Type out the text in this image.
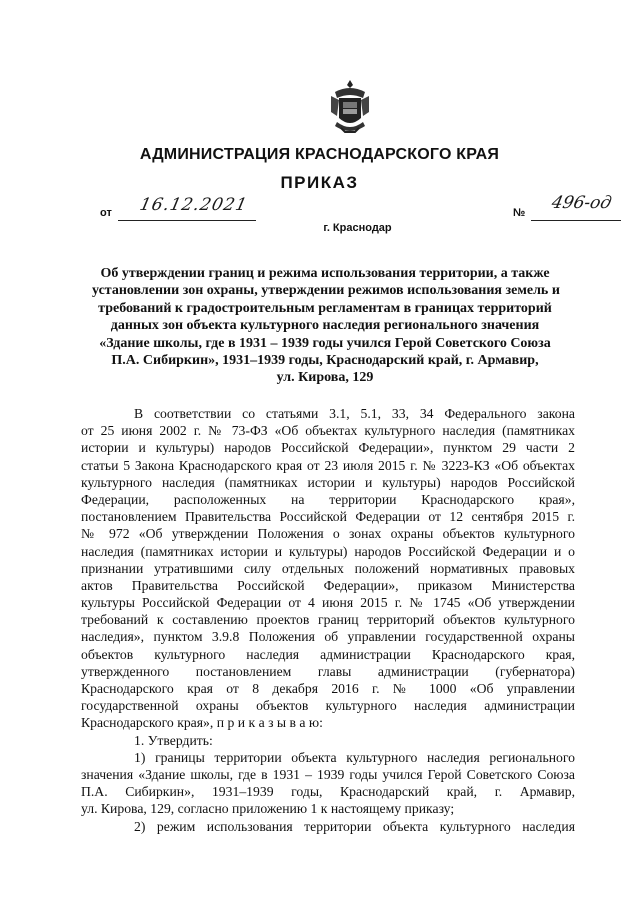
АДМИНИСТРАЦИЯ КРАСНОДАРСКОГО КРАЯ
ПРИКАЗ
от 16.12.2021	№ 496-од
г. Краснодар
Об утверждении границ и режима использования территории, а также
установлении зон охраны, утверждении режимов использования земель и
требований к градостроительным регламентам в границах территорий
данных зон объекта культурного наследия регионального значения
«Здание школы, где в 1931 – 1939 годы учился Герой Советского Союза
П.А. Сибиркин», 1931–1939 годы, Краснодарский край, г. Армавир,
ул. Кирова, 129
В соответствии со статьями 3.1, 5.1, 33, 34 Федерального закона
от 25 июня 2002 г. № 73-ФЗ «Об объектах культурного наследия (памятниках
истории и культуры) народов Российской Федерации», пунктом 29 части 2
статьи 5 Закона Краснодарского края от 23 июля 2015 г. № 3223-КЗ «Об объектах
культурного наследия (памятниках истории и культуры) народов Российской
Федерации, расположенных на территории Краснодарского края»,
постановлением Правительства Российской Федерации от 12 сентября 2015 г.
№ 972 «Об утверждении Положения о зонах охраны объектов культурного
наследия (памятниках истории и культуры) народов Российской Федерации и о
признании утратившими силу отдельных положений нормативных правовых
актов Правительства Российской Федерации», приказом Министерства
культуры Российской Федерации от 4 июня 2015 г. № 1745 «Об утверждении
требований к составлению проектов границ территорий объектов культурного
наследия», пунктом 3.9.8 Положения об управлении государственной охраны
объектов культурного наследия администрации Краснодарского края,
утвержденного постановлением главы администрации (губернатора)
Краснодарского края от 8 декабря 2016 г. № 1000 «Об управлении
государственной охраны объектов культурного наследия администрации
Краснодарского края», п р и к а з ы в а ю:
1. Утвердить:
1) границы территории объекта культурного наследия регионального
значения «Здание школы, где в 1931 – 1939 годы учился Герой Советского Союза
П.А. Сибиркин», 1931–1939 годы, Краснодарский край, г. Армавир,
ул. Кирова, 129, согласно приложению 1 к настоящему приказу;
2) режим использования территории объекта культурного наследия
